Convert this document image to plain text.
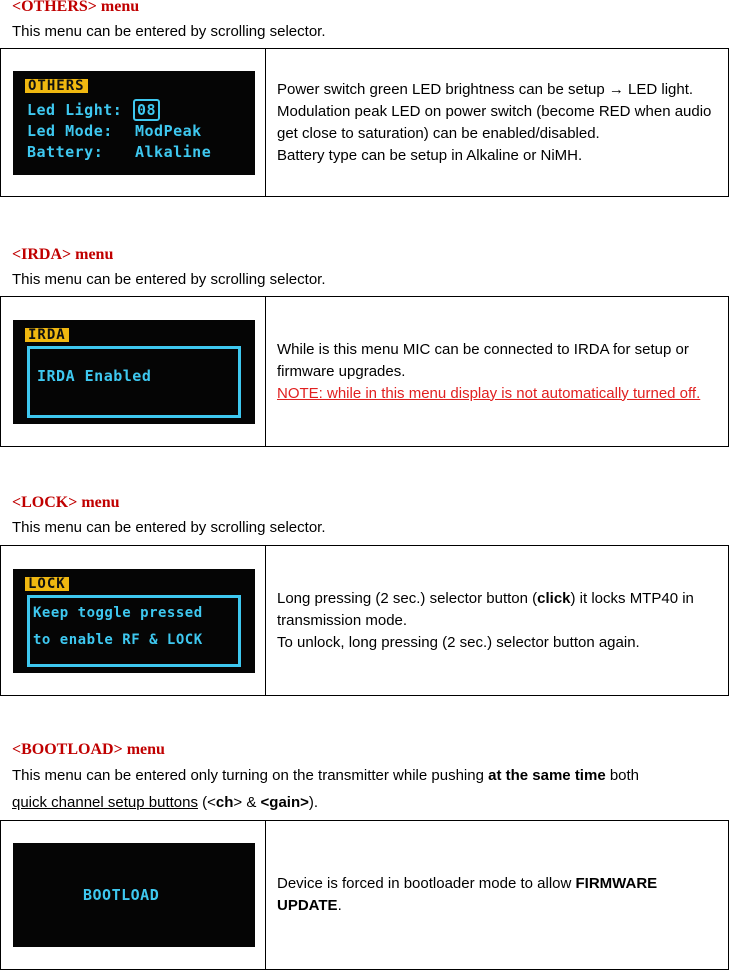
<OTHERS> menu
This menu can be entered by scrolling selector.
OTHERS
Led Light: 08
Led Mode: ModPeak
Battery: Alkaline

Power switch green LED brightness can be setup → LED light. Modulation peak LED on power switch (become RED when audio get close to saturation) can be enabled/disabled.
Battery type can be setup in Alkaline or NiMH.
<IRDA> menu
This menu can be entered by scrolling selector.
IRDA
IRDA Enabled

While is this menu MIC can be connected to IRDA for setup or firmware upgrades.
NOTE: while in this menu display is not automatically turned off.
<LOCK> menu
This menu can be entered by scrolling selector.
LOCK
Keep toggle pressed
to enable RF & LOCK

Long pressing (2 sec.) selector button (click) it locks MTP40 in transmission mode.
To unlock, long pressing (2 sec.) selector button again.
<BOOTLOAD> menu
This menu can be entered only turning on the transmitter while pushing at the same time both
quick channel setup buttons (<ch> & <gain>).
BOOTLOAD

Device is forced in bootloader mode to allow FIRMWARE UPDATE.
